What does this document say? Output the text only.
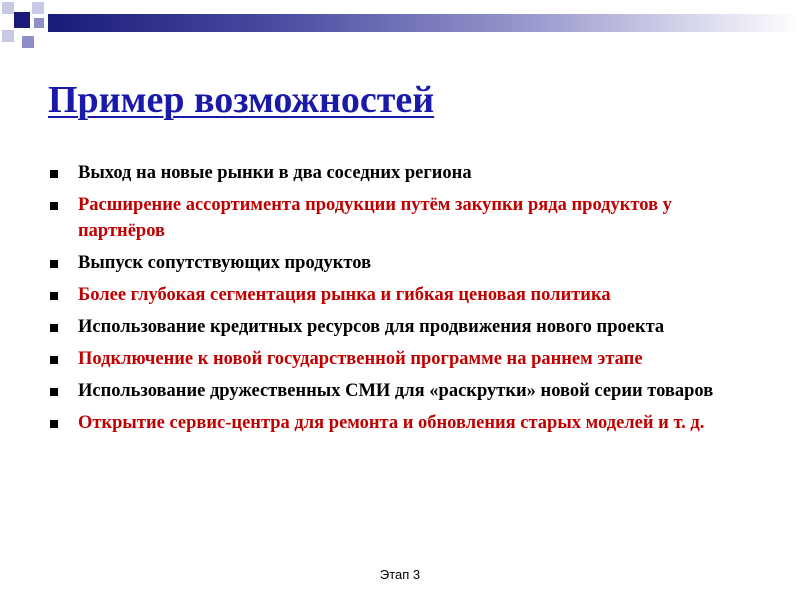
Пример возможностей
Выход на новые рынки в два соседних региона
Расширение ассортимента продукции путём закупки ряда продуктов у партнёров
Выпуск сопутствующих продуктов
Более глубокая сегментация рынка и гибкая ценовая политика
Использование кредитных ресурсов для продвижения нового проекта
Подключение к новой государственной программе на раннем этапе
Использование дружественных СМИ для «раскрутки» новой серии товаров
Открытие сервис-центра для ремонта и обновления старых моделей и т. д.
Этап 3
